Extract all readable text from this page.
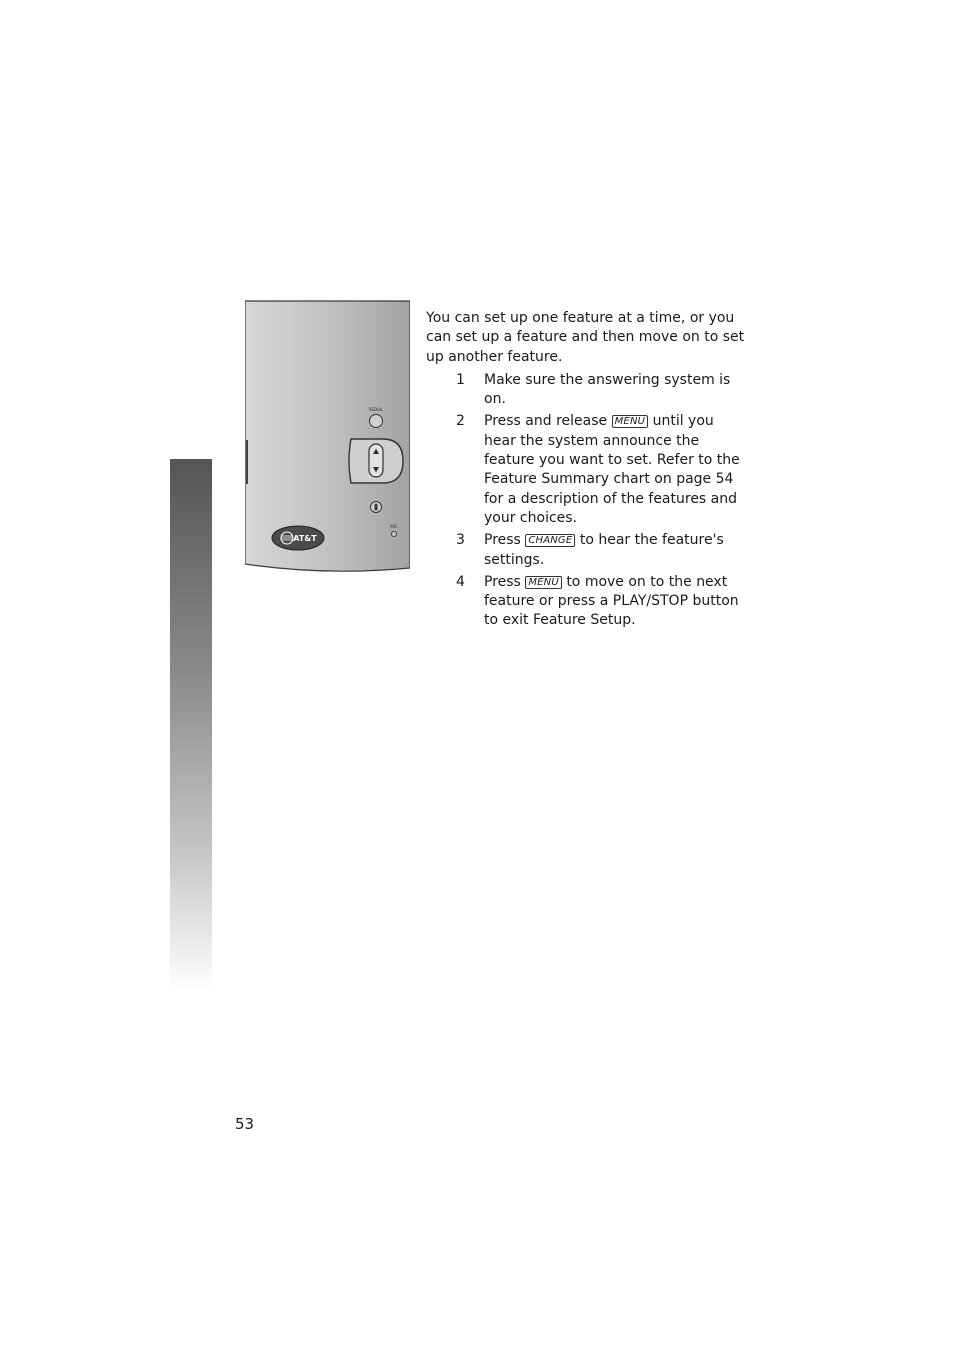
REDIAL
MIC
AT&T

You can set up one feature at a time, or you can set up a feature and then move on to set up another feature.

1 Make sure the answering system is on.
2 Press and release MENU until you hear the system announce the feature you want to set. Refer to the Feature Summary chart on page 54 for a description of the features and your choices.
3 Press CHANGE to hear the feature's settings.
4 Press MENU to move on to the next feature or press a PLAY/STOP button to exit Feature Setup.
53
